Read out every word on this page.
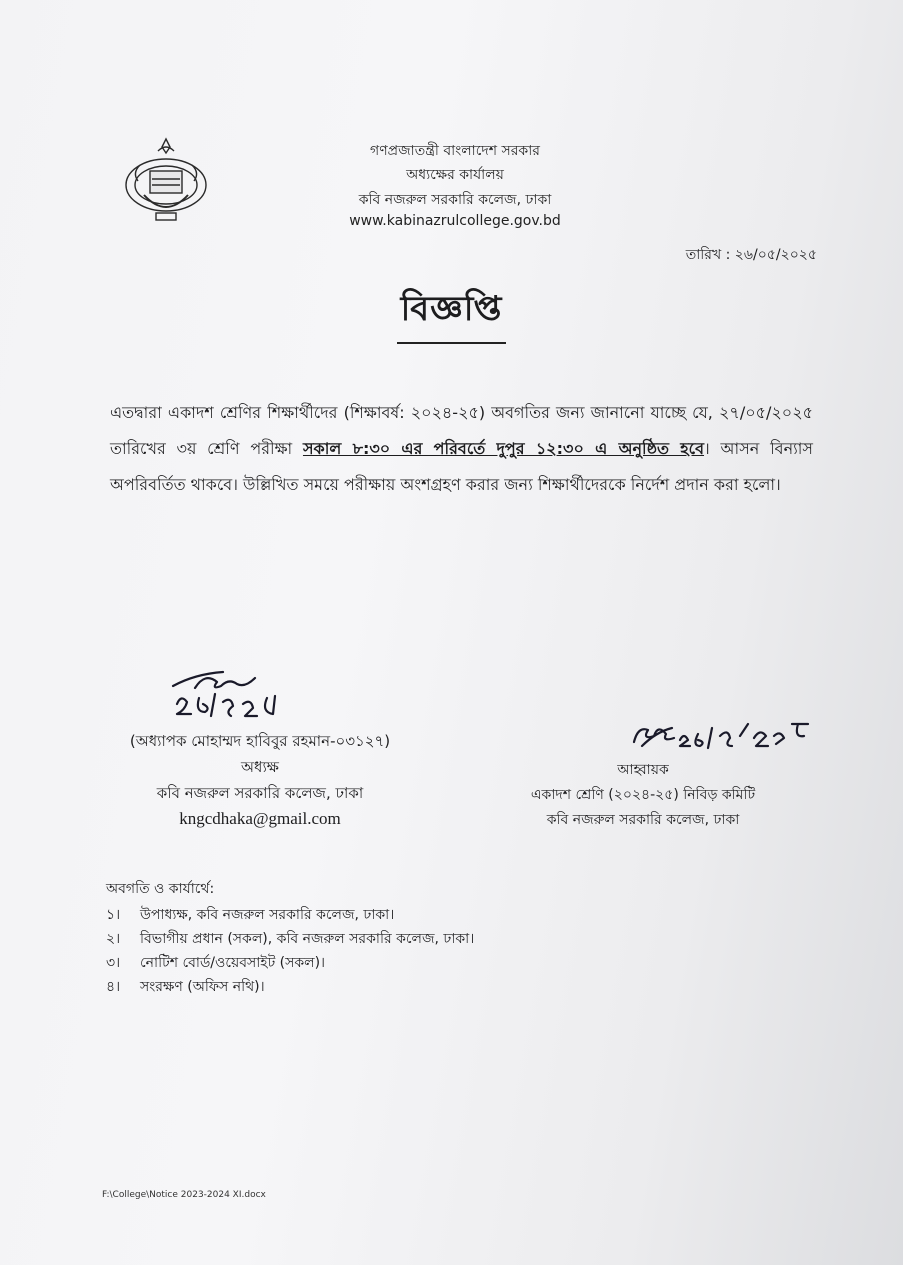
গণপ্রজাতন্ত্রী বাংলাদেশ সরকার
অধ্যক্ষের কার্যালয়
কবি নজরুল সরকারি কলেজ, ঢাকা
www.kabinazrulcollege.gov.bd
তারিখ : ২৬/০৫/২০২৫
বিজ্ঞপ্তি
এতদ্বারা একাদশ শ্রেণির শিক্ষার্থীদের (শিক্ষাবর্ষ: ২০২৪-২৫) অবগতির জন্য জানানো যাচ্ছে যে, ২৭/০৫/২০২৫ তারিখের ৩য় শ্রেণি পরীক্ষা সকাল ৮:৩০ এর পরিবর্তে দুপুর ১২:৩০ এ অনুষ্ঠিত হবে। আসন বিন্যাস অপরিবর্তিত থাকবে। উল্লিখিত সময়ে পরীক্ষায় অংশগ্রহণ করার জন্য শিক্ষার্থীদেরকে নির্দেশ প্রদান করা হলো।
(অধ্যাপক মোহাম্মদ হাবিবুর রহমান-০৩১২৭)
অধ্যক্ষ
কবি নজরুল সরকারি কলেজ, ঢাকা
kngcdhaka@gmail.com
আহ্বায়ক
একাদশ শ্রেণি (২০২৪-২৫) নিবিড় কমিটি
কবি নজরুল সরকারি কলেজ, ঢাকা
অবগতি ও কার্যার্থে:
১। উপাধ্যক্ষ, কবি নজরুল সরকারি কলেজ, ঢাকা।
২। বিভাগীয় প্রধান (সকল), কবি নজরুল সরকারি কলেজ, ঢাকা।
৩। নোটিশ বোর্ড/ওয়েবসাইট (সকল)।
৪। সংরক্ষণ (অফিস নথি)।
F:\College\Notice 2023-2024 XI.docx
